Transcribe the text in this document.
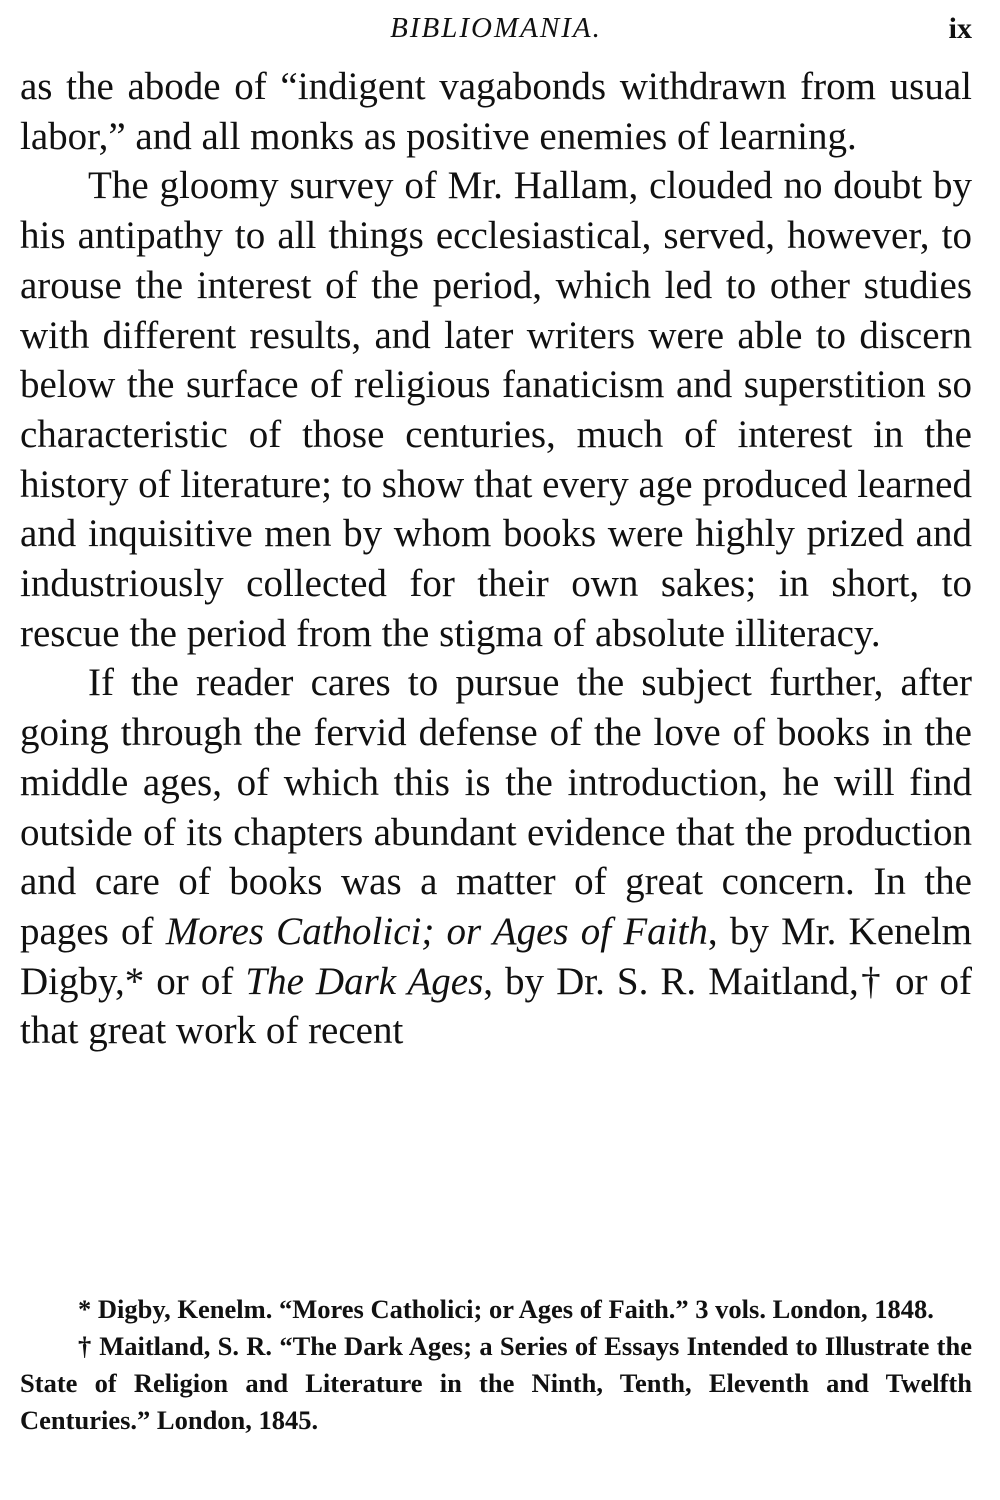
BIBLIOMANIA.	ix

as the abode of “indigent vagabonds withdrawn from usual labor,” and all monks as positive enemies of learning.

The gloomy survey of Mr. Hallam, clouded no doubt by his antipathy to all things ecclesiastical, served, however, to arouse the interest of the period, which led to other studies with different results, and later writers were able to discern below the surface of religious fanaticism and superstition so characteristic of those centuries, much of interest in the history of literature; to show that every age produced learned and inquisitive men by whom books were highly prized and industriously collected for their own sakes; in short, to rescue the period from the stigma of absolute illiteracy.

If the reader cares to pursue the subject further, after going through the fervid defense of the love of books in the middle ages, of which this is the introduction, he will find outside of its chapters abundant evidence that the production and care of books was a matter of great concern. In the pages of Mores Catholici; or Ages of Faith, by Mr. Kenelm Digby,* or of The Dark Ages, by Dr. S. R. Maitland,† or of that great work of recent

* Digby, Kenelm. “Mores Catholici; or Ages of Faith.” 3 vols. London, 1848.

† Maitland, S. R. “The Dark Ages; a Series of Essays Intended to Illustrate the State of Religion and Literature in the Ninth, Tenth, Eleventh and Twelfth Centuries.” London, 1845.
